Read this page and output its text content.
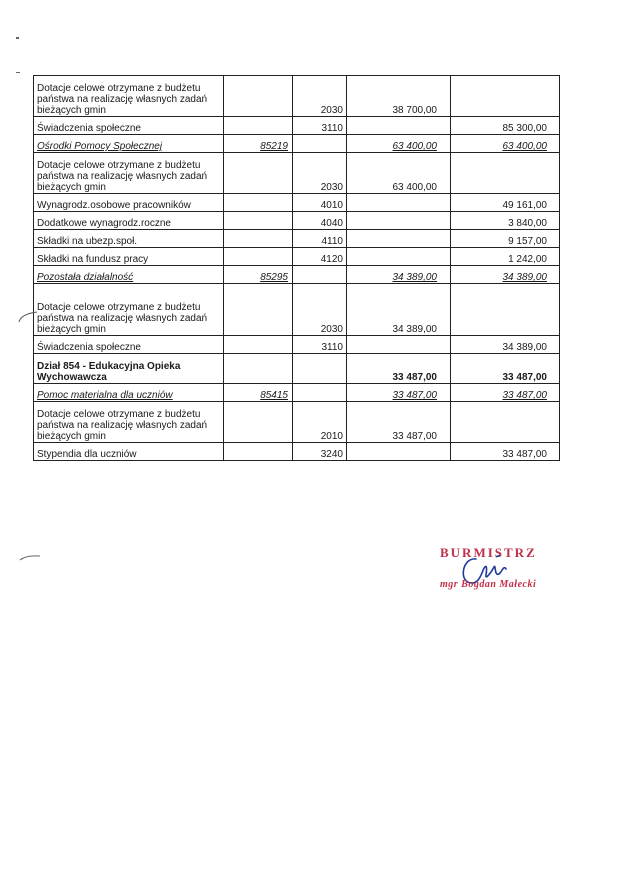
Dotacje celowe otrzymane z budżetu państwa na realizację własnych zadań bieżących gmin		2030	38 700,00	
Świadczenia społeczne		3110		85 300,00
Ośrodki Pomocy Społecznej	85219		63 400,00	63 400,00
Dotacje celowe otrzymane z budżetu państwa na realizację własnych zadań bieżących gmin		2030	63 400,00	
Wynagrodz.osobowe pracowników		4010		49 161,00
Dodatkowe wynagrodz.roczne		4040		3 840,00
Składki na ubezp.społ.		4110		9 157,00
Składki na fundusz pracy		4120		1 242,00
Pozostała działalność	85295		34 389,00	34 389,00
Dotacje celowe otrzymane z budżetu państwa na realizację własnych zadań bieżących gmin		2030	34 389,00	
Świadczenia społeczne		3110		34 389,00
Dział 854 - Edukacyjna Opieka Wychowawcza			33 487,00	33 487,00
Pomoc materialna dla uczniów	85415		33 487,00	33 487,00
Dotacje celowe otrzymane z budżetu państwa na realizację własnych zadań bieżących gmin		2010	33 487,00	
Stypendia dla uczniów		3240		33 487,00
BURMISTRZ
mgr Bogdan Małecki
